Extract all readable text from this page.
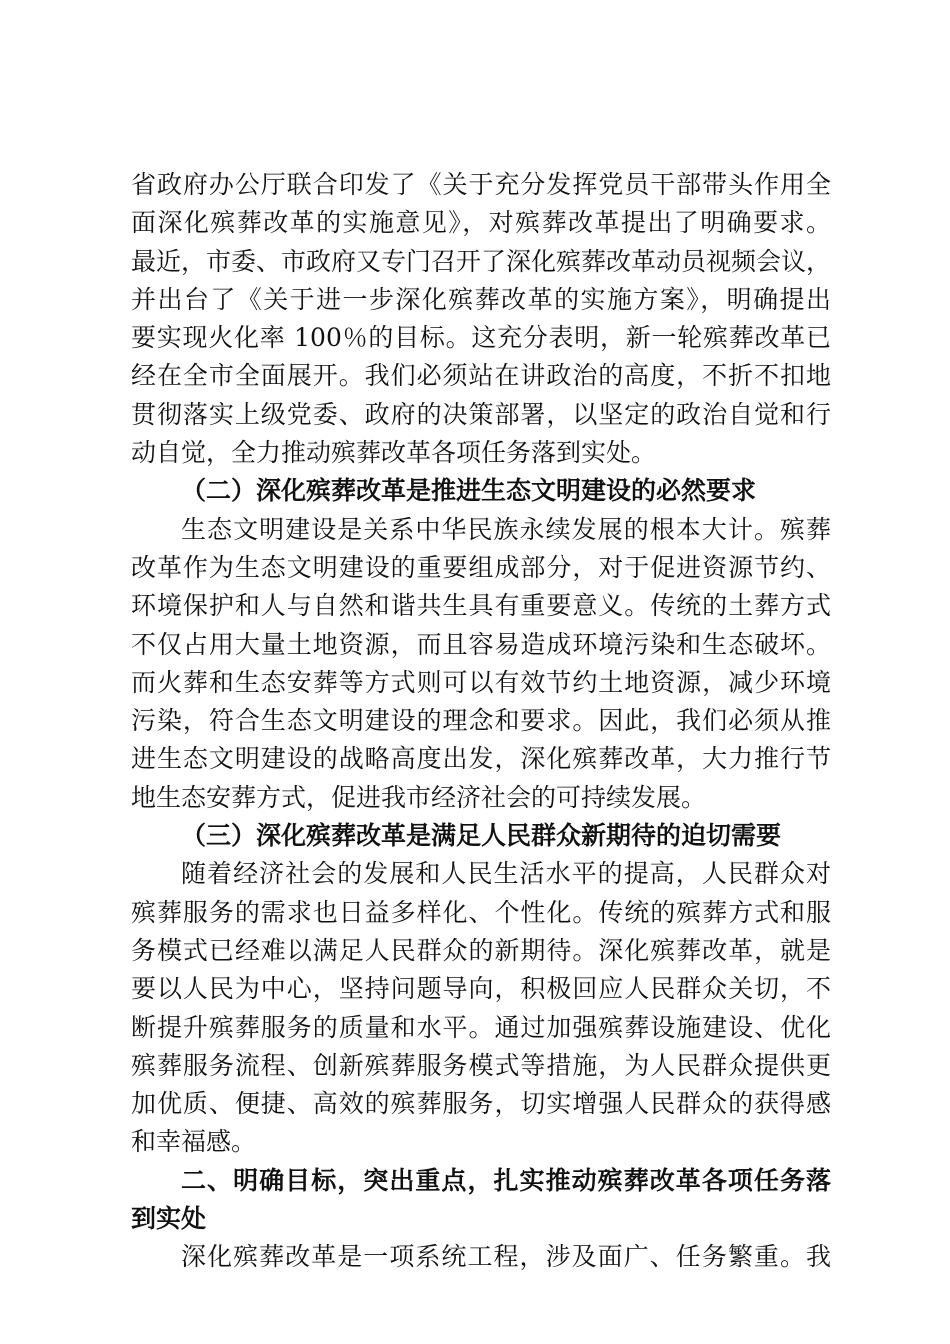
省政府办公厅联合印发了《关于充分发挥党员干部带头作用全
面深化殡葬改革的实施意见》，对殡葬改革提出了明确要求。
最近，市委、市政府又专门召开了深化殡葬改革动员视频会议，
并出台了《关于进一步深化殡葬改革的实施方案》，明确提出
要实现火化率 100％的目标。这充分表明，新一轮殡葬改革已
经在全市全面展开。我们必须站在讲政治的高度，不折不扣地
贯彻落实上级党委、政府的决策部署，以坚定的政治自觉和行
动自觉，全力推动殡葬改革各项任务落到实处。
（二）深化殡葬改革是推进生态文明建设的必然要求
生态文明建设是关系中华民族永续发展的根本大计。殡葬
改革作为生态文明建设的重要组成部分，对于促进资源节约、
环境保护和人与自然和谐共生具有重要意义。传统的土葬方式
不仅占用大量土地资源，而且容易造成环境污染和生态破坏。
而火葬和生态安葬等方式则可以有效节约土地资源，减少环境
污染，符合生态文明建设的理念和要求。因此，我们必须从推
进生态文明建设的战略高度出发，深化殡葬改革，大力推行节
地生态安葬方式，促进我市经济社会的可持续发展。
（三）深化殡葬改革是满足人民群众新期待的迫切需要
随着经济社会的发展和人民生活水平的提高，人民群众对
殡葬服务的需求也日益多样化、个性化。传统的殡葬方式和服
务模式已经难以满足人民群众的新期待。深化殡葬改革，就是
要以人民为中心，坚持问题导向，积极回应人民群众关切，不
断提升殡葬服务的质量和水平。通过加强殡葬设施建设、优化
殡葬服务流程、创新殡葬服务模式等措施，为人民群众提供更
加优质、便捷、高效的殡葬服务，切实增强人民群众的获得感
和幸福感。
二、明确目标，突出重点，扎实推动殡葬改革各项任务落
到实处
深化殡葬改革是一项系统工程，涉及面广、任务繁重。我
